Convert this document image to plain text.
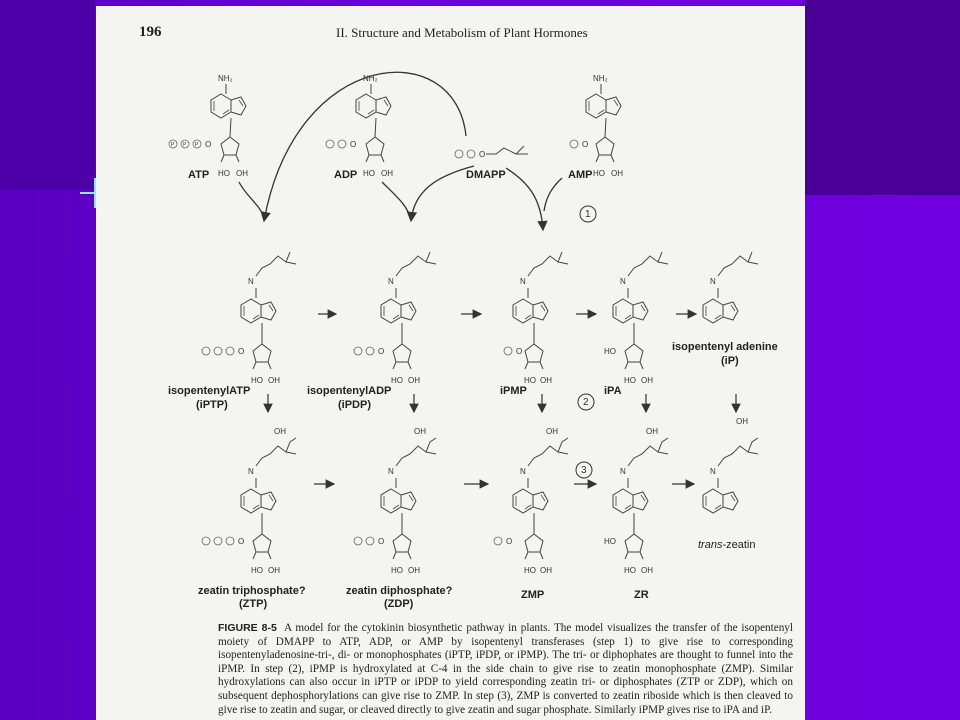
196	II. Structure and Metabolism of Plant Hormones
NH₂
O
HO OH
ATP
NH₂
O
HO OH
ADP
O
DMAPP
NH₂
O
HO OH
AMP
1
N
O
HO OH
isopentenylATP
(iPTP)
N
O
HO OH
isopentenylADP
(iPDP)
N
O
HO OH
iPMP
N
HO
HO OH
iPA
N
isopentenyl adenine
(iP)
2
OH
N
O
HO OH
zeatin triphosphate?
(ZTP)
OH
N
O
HO OH
zeatin diphosphate?
(ZDP)
OH
N
O
HO OH
ZMP
3
OH
N
HO
HO OH
ZR
OH
N
trans-zeatin
P P P
FIGURE 8-5 A model for the cytokinin biosynthetic pathway in plants. The model visualizes the transfer of the isopentenyl moiety of DMAPP to ATP, ADP, or AMP by isopentenyl transferases (step 1) to give rise to corresponding isopentenyladenosine-tri-, di- or monophosphates (iPTP, iPDP, or iPMP). The tri- or diphophates are thought to funnel into the iPMP. In step (2), iPMP is hydroxylated at C-4 in the side chain to give rise to zeatin monophosphate (ZMP). Similar hydroxylations can also occur in iPTP or iPDP to yield corresponding zeatin tri- or diphosphates (ZTP or ZDP), which on subsequent dephosphorylations can give rise to ZMP. In step (3), ZMP is converted to zeatin riboside which is then cleaved to give rise to zeatin and sugar, or cleaved directly to give zeatin and sugar phosphate. Similarly iPMP gives rise to iPA and iP.
